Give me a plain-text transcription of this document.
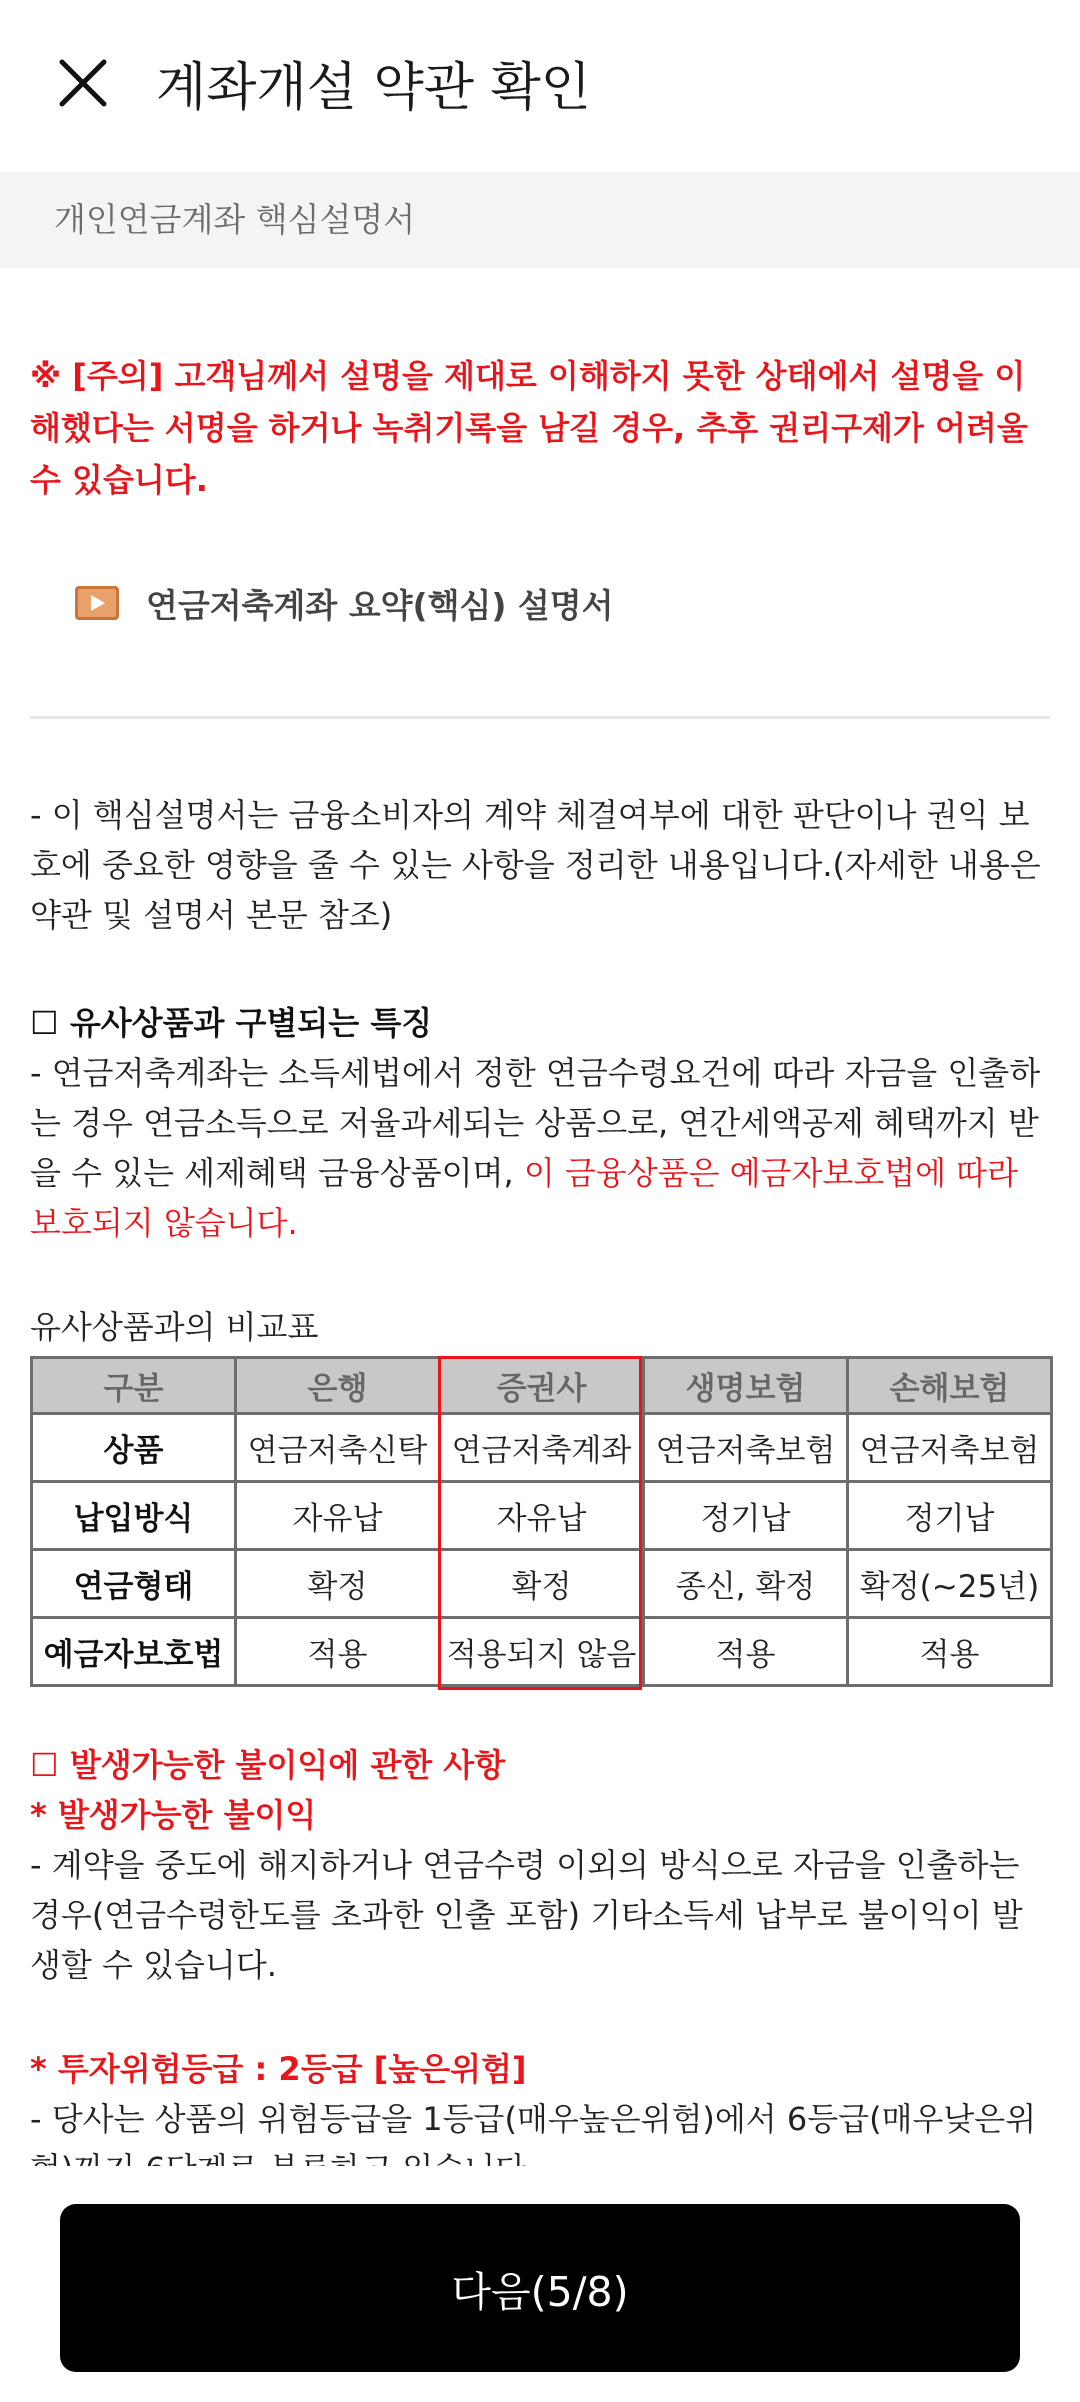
계좌개설 약관 확인
개인연금계좌 핵심설명서
※ [주의] 고객님께서 설명을 제대로 이해하지 못한 상태에서 설명을 이해했다는 서명을 하거나 녹취기록을 남길 경우, 추후 권리구제가 어려울 수 있습니다.
연금저축계좌 요약(핵심) 설명서
- 이 핵심설명서는 금융소비자의 계약 체결여부에 대한 판단이나 권익 보호에 중요한 영향을 줄 수 있는 사항을 정리한 내용입니다.(자세한 내용은 약관 및 설명서 본문 참조)
☐ 유사상품과 구별되는 특징
- 연금저축계좌는 소득세법에서 정한 연금수령요건에 따라 자금을 인출하는 경우 연금소득으로 저율과세되는 상품으로, 연간세액공제 혜택까지 받을 수 있는 세제혜택 금융상품이며, 이 금융상품은 예금자보호법에 따라 보호되지 않습니다.
유사상품과의 비교표
구분	은행	증권사	생명보험	손해보험
상품	연금저축신탁	연금저축계좌	연금저축보험	연금저축보험
납입방식	자유납	자유납	정기납	정기납
연금형태	확정	확정	종신, 확정	확정(~25년)
예금자보호법	적용	적용되지 않음	적용	적용
☐ 발생가능한 불이익에 관한 사항
* 발생가능한 불이익
- 계약을 중도에 해지하거나 연금수령 이외의 방식으로 자금을 인출하는 경우(연금수령한도를 초과한 인출 포함) 기타소득세 납부로 불이익이 발생할 수 있습니다.
* 투자위험등급 : 2등급 [높은위험]
- 당사는 상품의 위험등급을 1등급(매우높은위험)에서 6등급(매우낮은위
다음(5/8)
